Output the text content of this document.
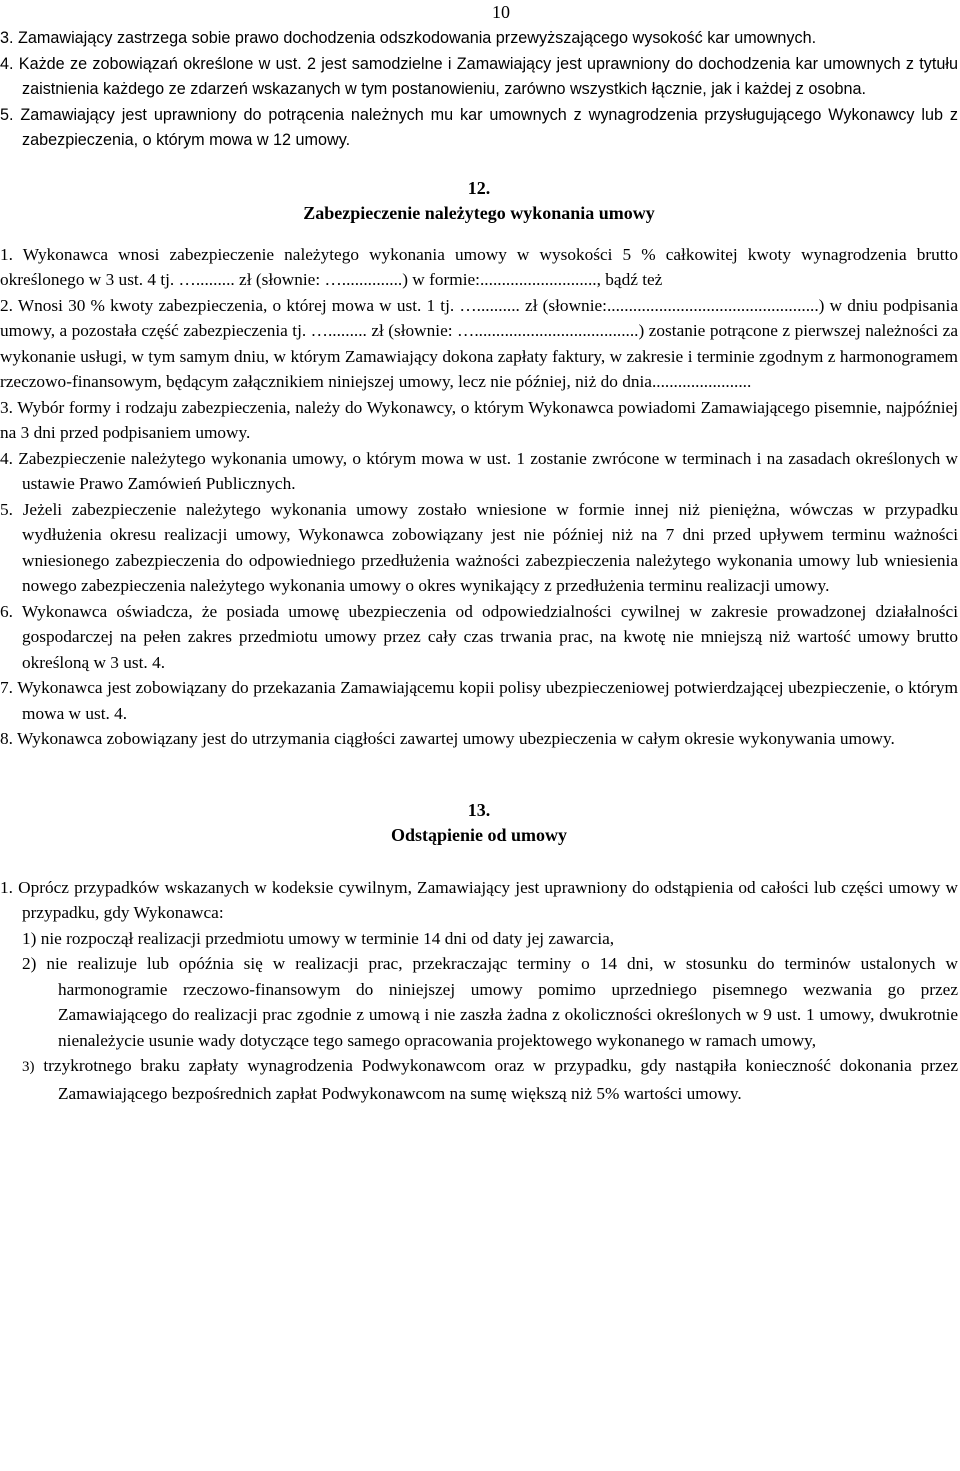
10

3. Zamawiający zastrzega sobie prawo dochodzenia odszkodowania przewyższającego wysokość kar umownych.

4. Każde ze zobowiązań określone w ust. 2 jest samodzielne i Zamawiający jest uprawniony do dochodzenia kar umownych z tytułu zaistnienia każdego ze zdarzeń wskazanych w tym postanowieniu, zarówno wszystkich łącznie, jak i każdej z osobna.

5. Zamawiający jest uprawniony do potrącenia należnych mu kar umownych z wynagrodzenia przysługującego Wykonawcy lub z zabezpieczenia, o którym mowa w 12 umowy.

12.

Zabezpieczenie należytego wykonania umowy

1. Wykonawca wnosi zabezpieczenie należytego wykonania umowy w wysokości 5 % całkowitej kwoty wynagrodzenia brutto określonego w 3 ust. 4 tj. …......... zł (słownie: …..............) w formie:..........................., bądź też

2. Wnosi 30 % kwoty zabezpieczenia, o której mowa w ust. 1 tj. ….......... zł (słownie:.................................................) w dniu podpisania umowy, a pozostała część zabezpieczenia tj. …......... zł (słownie: …......................................) zostanie potrącone z pierwszej należności za wykonanie usługi, w tym samym dniu, w którym Zamawiający dokona zapłaty faktury, w zakresie i terminie zgodnym z harmonogramem rzeczowo-finansowym, będącym załącznikiem niniejszej umowy, lecz nie później, niż do dnia.......................

3. Wybór formy i rodzaju zabezpieczenia, należy do Wykonawcy, o którym Wykonawca powiadomi Zamawiającego pisemnie, najpóźniej na 3 dni przed podpisaniem umowy.

4. Zabezpieczenie należytego wykonania umowy, o którym mowa w ust. 1 zostanie zwrócone w terminach i na zasadach określonych w ustawie Prawo Zamówień Publicznych.

5. Jeżeli zabezpieczenie należytego wykonania umowy zostało wniesione w formie innej niż pieniężna, wówczas w przypadku wydłużenia okresu realizacji umowy, Wykonawca zobowiązany jest nie później niż na 7 dni przed upływem terminu ważności wniesionego zabezpieczenia do odpowiedniego przedłużenia ważności zabezpieczenia należytego wykonania umowy lub wniesienia nowego zabezpieczenia należytego wykonania umowy o okres wynikający z przedłużenia terminu realizacji umowy.

6. Wykonawca oświadcza, że posiada umowę ubezpieczenia od odpowiedzialności cywilnej w zakresie prowadzonej działalności gospodarczej na pełen zakres przedmiotu umowy przez cały czas trwania prac, na kwotę nie mniejszą niż wartość umowy brutto określoną w 3 ust. 4.

7. Wykonawca jest zobowiązany do przekazania Zamawiającemu kopii polisy ubezpieczeniowej potwierdzającej ubezpieczenie, o którym mowa w ust. 4.

8. Wykonawca zobowiązany jest do utrzymania ciągłości zawartej umowy ubezpieczenia w całym okresie wykonywania umowy.

13.

Odstąpienie od umowy

1. Oprócz przypadków wskazanych w kodeksie cywilnym, Zamawiający jest uprawniony do odstąpienia od całości lub części umowy w przypadku, gdy Wykonawca:

1) nie rozpoczął realizacji przedmiotu umowy w terminie 14 dni od daty jej zawarcia,

2) nie realizuje lub opóźnia się w realizacji prac, przekraczając terminy o 14 dni, w stosunku do terminów ustalonych w harmonogramie rzeczowo-finansowym do niniejszej umowy pomimo uprzedniego pisemnego wezwania go przez Zamawiającego do realizacji prac zgodnie z umową i nie zaszła żadna z okoliczności określonych w 9 ust. 1 umowy, dwukrotnie nienależycie usunie wady dotyczące tego samego opracowania projektowego wykonanego w ramach umowy,

3) trzykrotnego braku zapłaty wynagrodzenia Podwykonawcom oraz w przypadku, gdy nastąpiła konieczność dokonania przez Zamawiającego bezpośrednich zapłat Podwykonawcom na sumę większą niż 5% wartości umowy.
